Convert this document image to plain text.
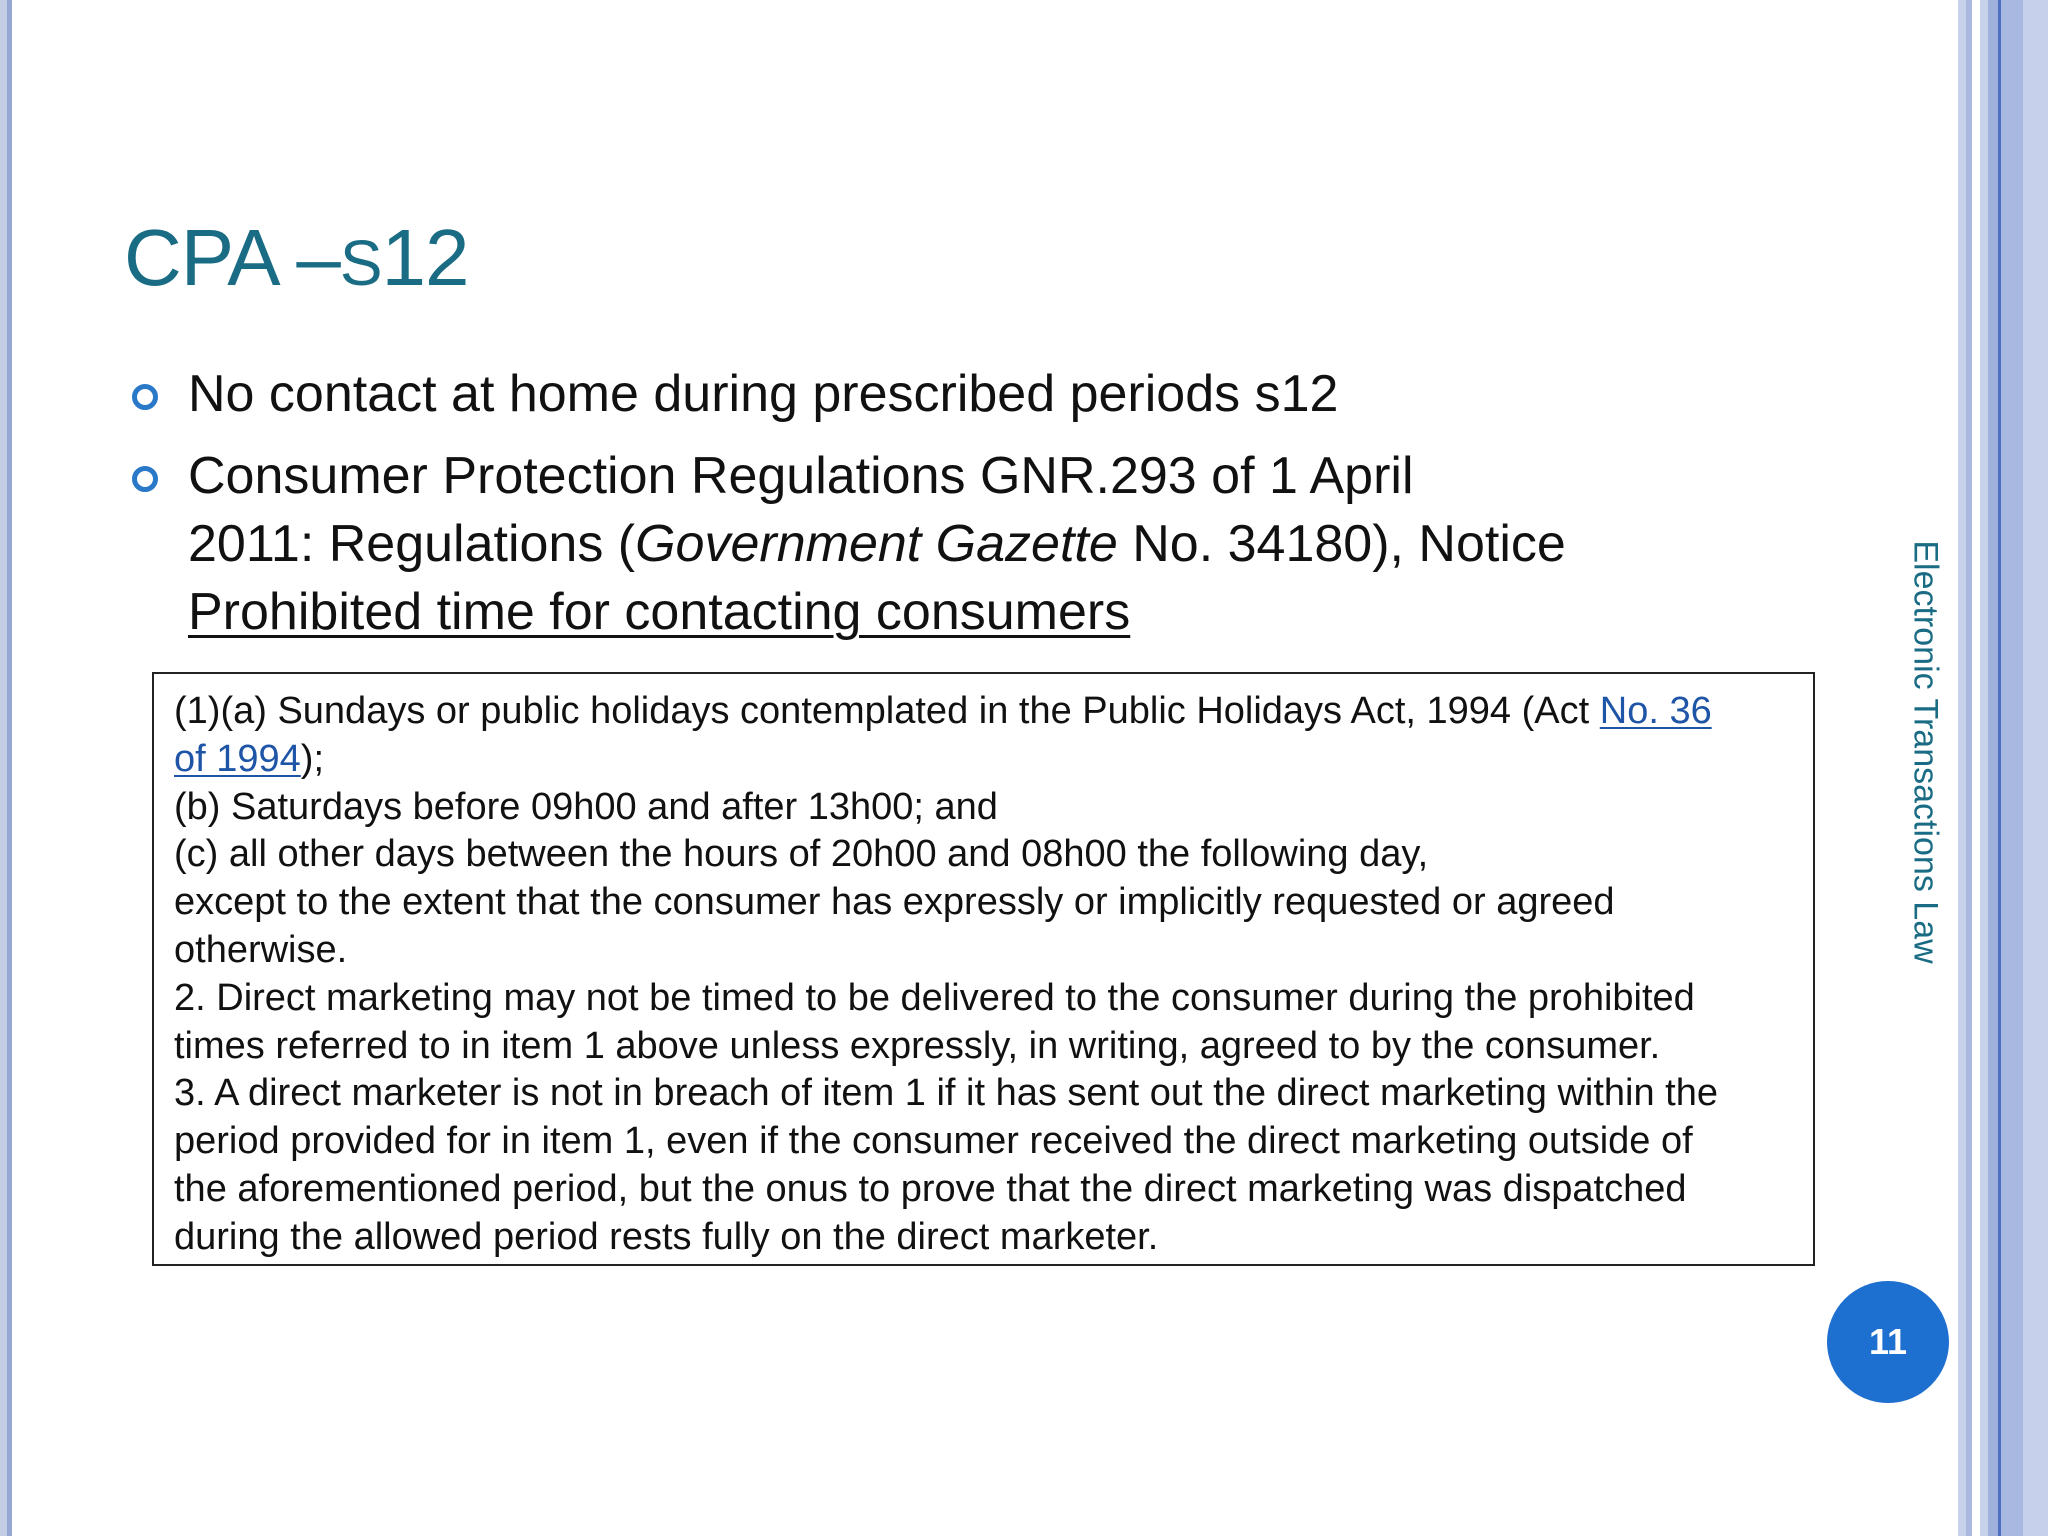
CPA –S12
No contact at home during prescribed periods s12
Consumer Protection Regulations GNR.293 of 1 April
2011: Regulations (Government Gazette No. 34180), Notice
Prohibited time for contacting consumers
(1)(a) Sundays or public holidays contemplated in the Public Holidays Act, 1994 (Act No. 36
of 1994);
(b) Saturdays before 09h00 and after 13h00; and
(c) all other days between the hours of 20h00 and 08h00 the following day,
except to the extent that the consumer has expressly or implicitly requested or agreed
otherwise.
2. Direct marketing may not be timed to be delivered to the consumer during the prohibited
times referred to in item 1 above unless expressly, in writing, agreed to by the consumer.
3. A direct marketer is not in breach of item 1 if it has sent out the direct marketing within the
period provided for in item 1, even if the consumer received the direct marketing outside of
the aforementioned period, but the onus to prove that the direct marketing was dispatched
during the allowed period rests fully on the direct marketer.
Electronic Transactions Law
11
